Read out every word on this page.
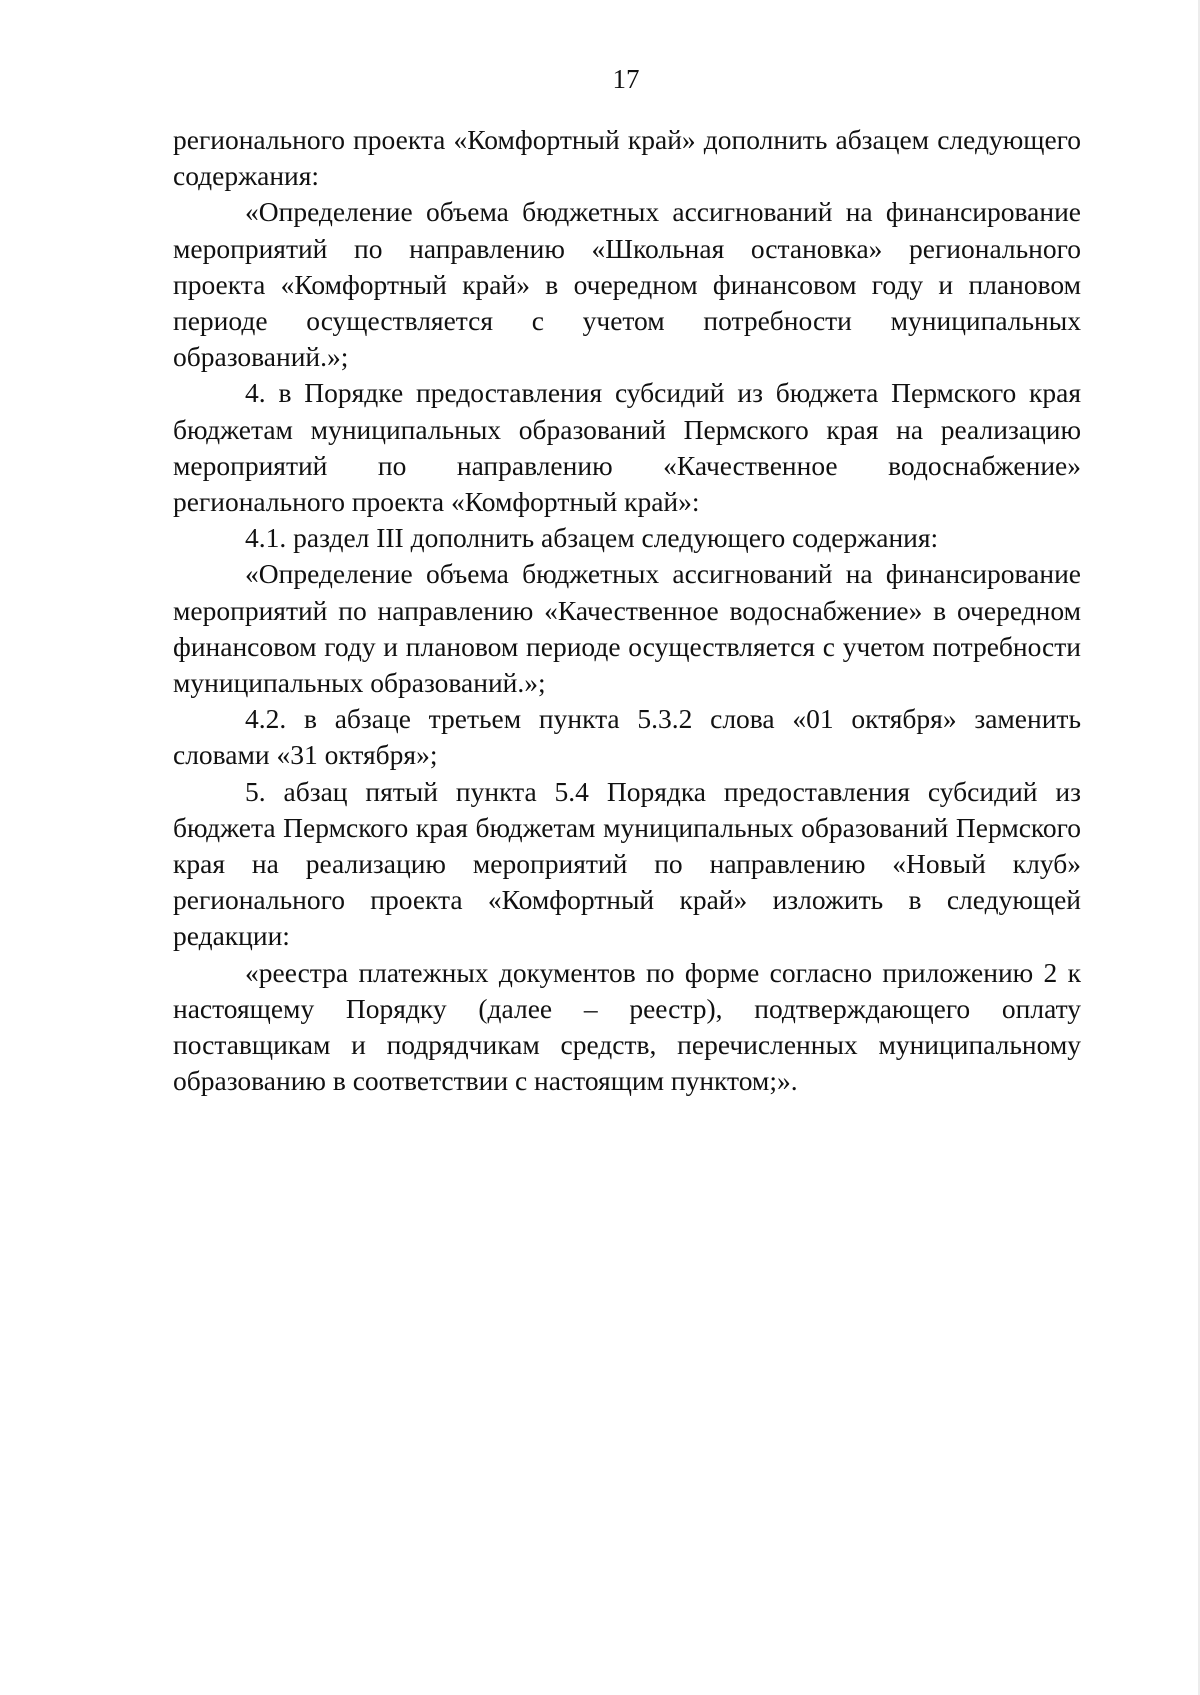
17

регионального проекта «Комфортный край» дополнить абзацем следующего содержания:

«Определение объема бюджетных ассигнований на финансирование мероприятий по направлению «Школьная остановка» регионального проекта «Комфортный край» в очередном финансовом году и плановом периоде осуществляется с учетом потребности муниципальных образований.»;

4. в Порядке предоставления субсидий из бюджета Пермского края бюджетам муниципальных образований Пермского края на реализацию мероприятий по направлению «Качественное водоснабжение» регионального проекта «Комфортный край»:

4.1. раздел III дополнить абзацем следующего содержания:

«Определение объема бюджетных ассигнований на финансирование мероприятий по направлению «Качественное водоснабжение» в очередном финансовом году и плановом периоде осуществляется с учетом потребности муниципальных образований.»;

4.2. в абзаце третьем пункта 5.3.2 слова «01 октября» заменить словами «31 октября»;

5. абзац пятый пункта 5.4 Порядка предоставления субсидий из бюджета Пермского края бюджетам муниципальных образований Пермского края на реализацию мероприятий по направлению «Новый клуб» регионального проекта «Комфортный край» изложить в следующей редакции:

«реестра платежных документов по форме согласно приложению 2 к настоящему Порядку (далее – реестр), подтверждающего оплату поставщикам и подрядчикам средств, перечисленных муниципальному образованию в соответствии с настоящим пунктом;».
